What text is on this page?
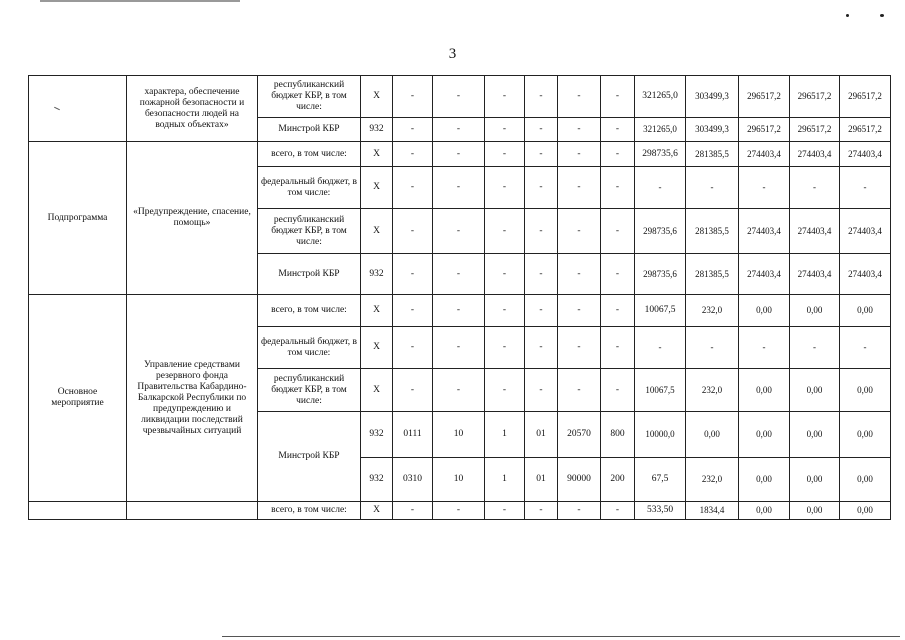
3
	характера, обеспечение пожарной безопасности и безопасности людей на водных объектах»	республиканский бюджет КБР, в том числе:	X	-	-	-	-	-	-	321265,0	303499,3	296517,2	296517,2	296517,2
		Минстрой КБР	932	-	-	-	-	-	-	321265,0	303499,3	296517,2	296517,2	296517,2
Подпрограмма	«Предупреждение, спасение, помощь»	всего, в том числе:	X	-	-	-	-	-	-	298735,6	281385,5	274403,4	274403,4	274403,4
		федеральный бюджет, в том числе:	X	-	-	-	-	-	-	-	-	-	-	-
		республиканский бюджет КБР, в том числе:	X	-	-	-	-	-	-	298735,6	281385,5	274403,4	274403,4	274403,4
		Минстрой КБР	932	-	-	-	-	-	-	298735,6	281385,5	274403,4	274403,4	274403,4
Основное мероприятие	Управление средствами резервного фонда Правительства Кабардино-Балкарской Республики по предупреждению и ликвидации последствий чрезвычайных ситуаций	всего, в том числе:	X	-	-	-	-	-	-	10067,5	232,0	0,00	0,00	0,00
		федеральный бюджет, в том числе:	X	-	-	-	-	-	-	-	-	-	-	-
		республиканский бюджет КБР, в том числе:	X	-	-	-	-	-	-	10067,5	232,0	0,00	0,00	0,00
		Минстрой КБР	932	0111	10	1	01	20570	800	10000,0	0,00	0,00	0,00	0,00
			932	0310	10	1	01	90000	200	67,5	232,0	0,00	0,00	0,00
		всего, в том числе:	X	-	-	-	-	-	-	533,50	1834,4	0,00	0,00	0,00
